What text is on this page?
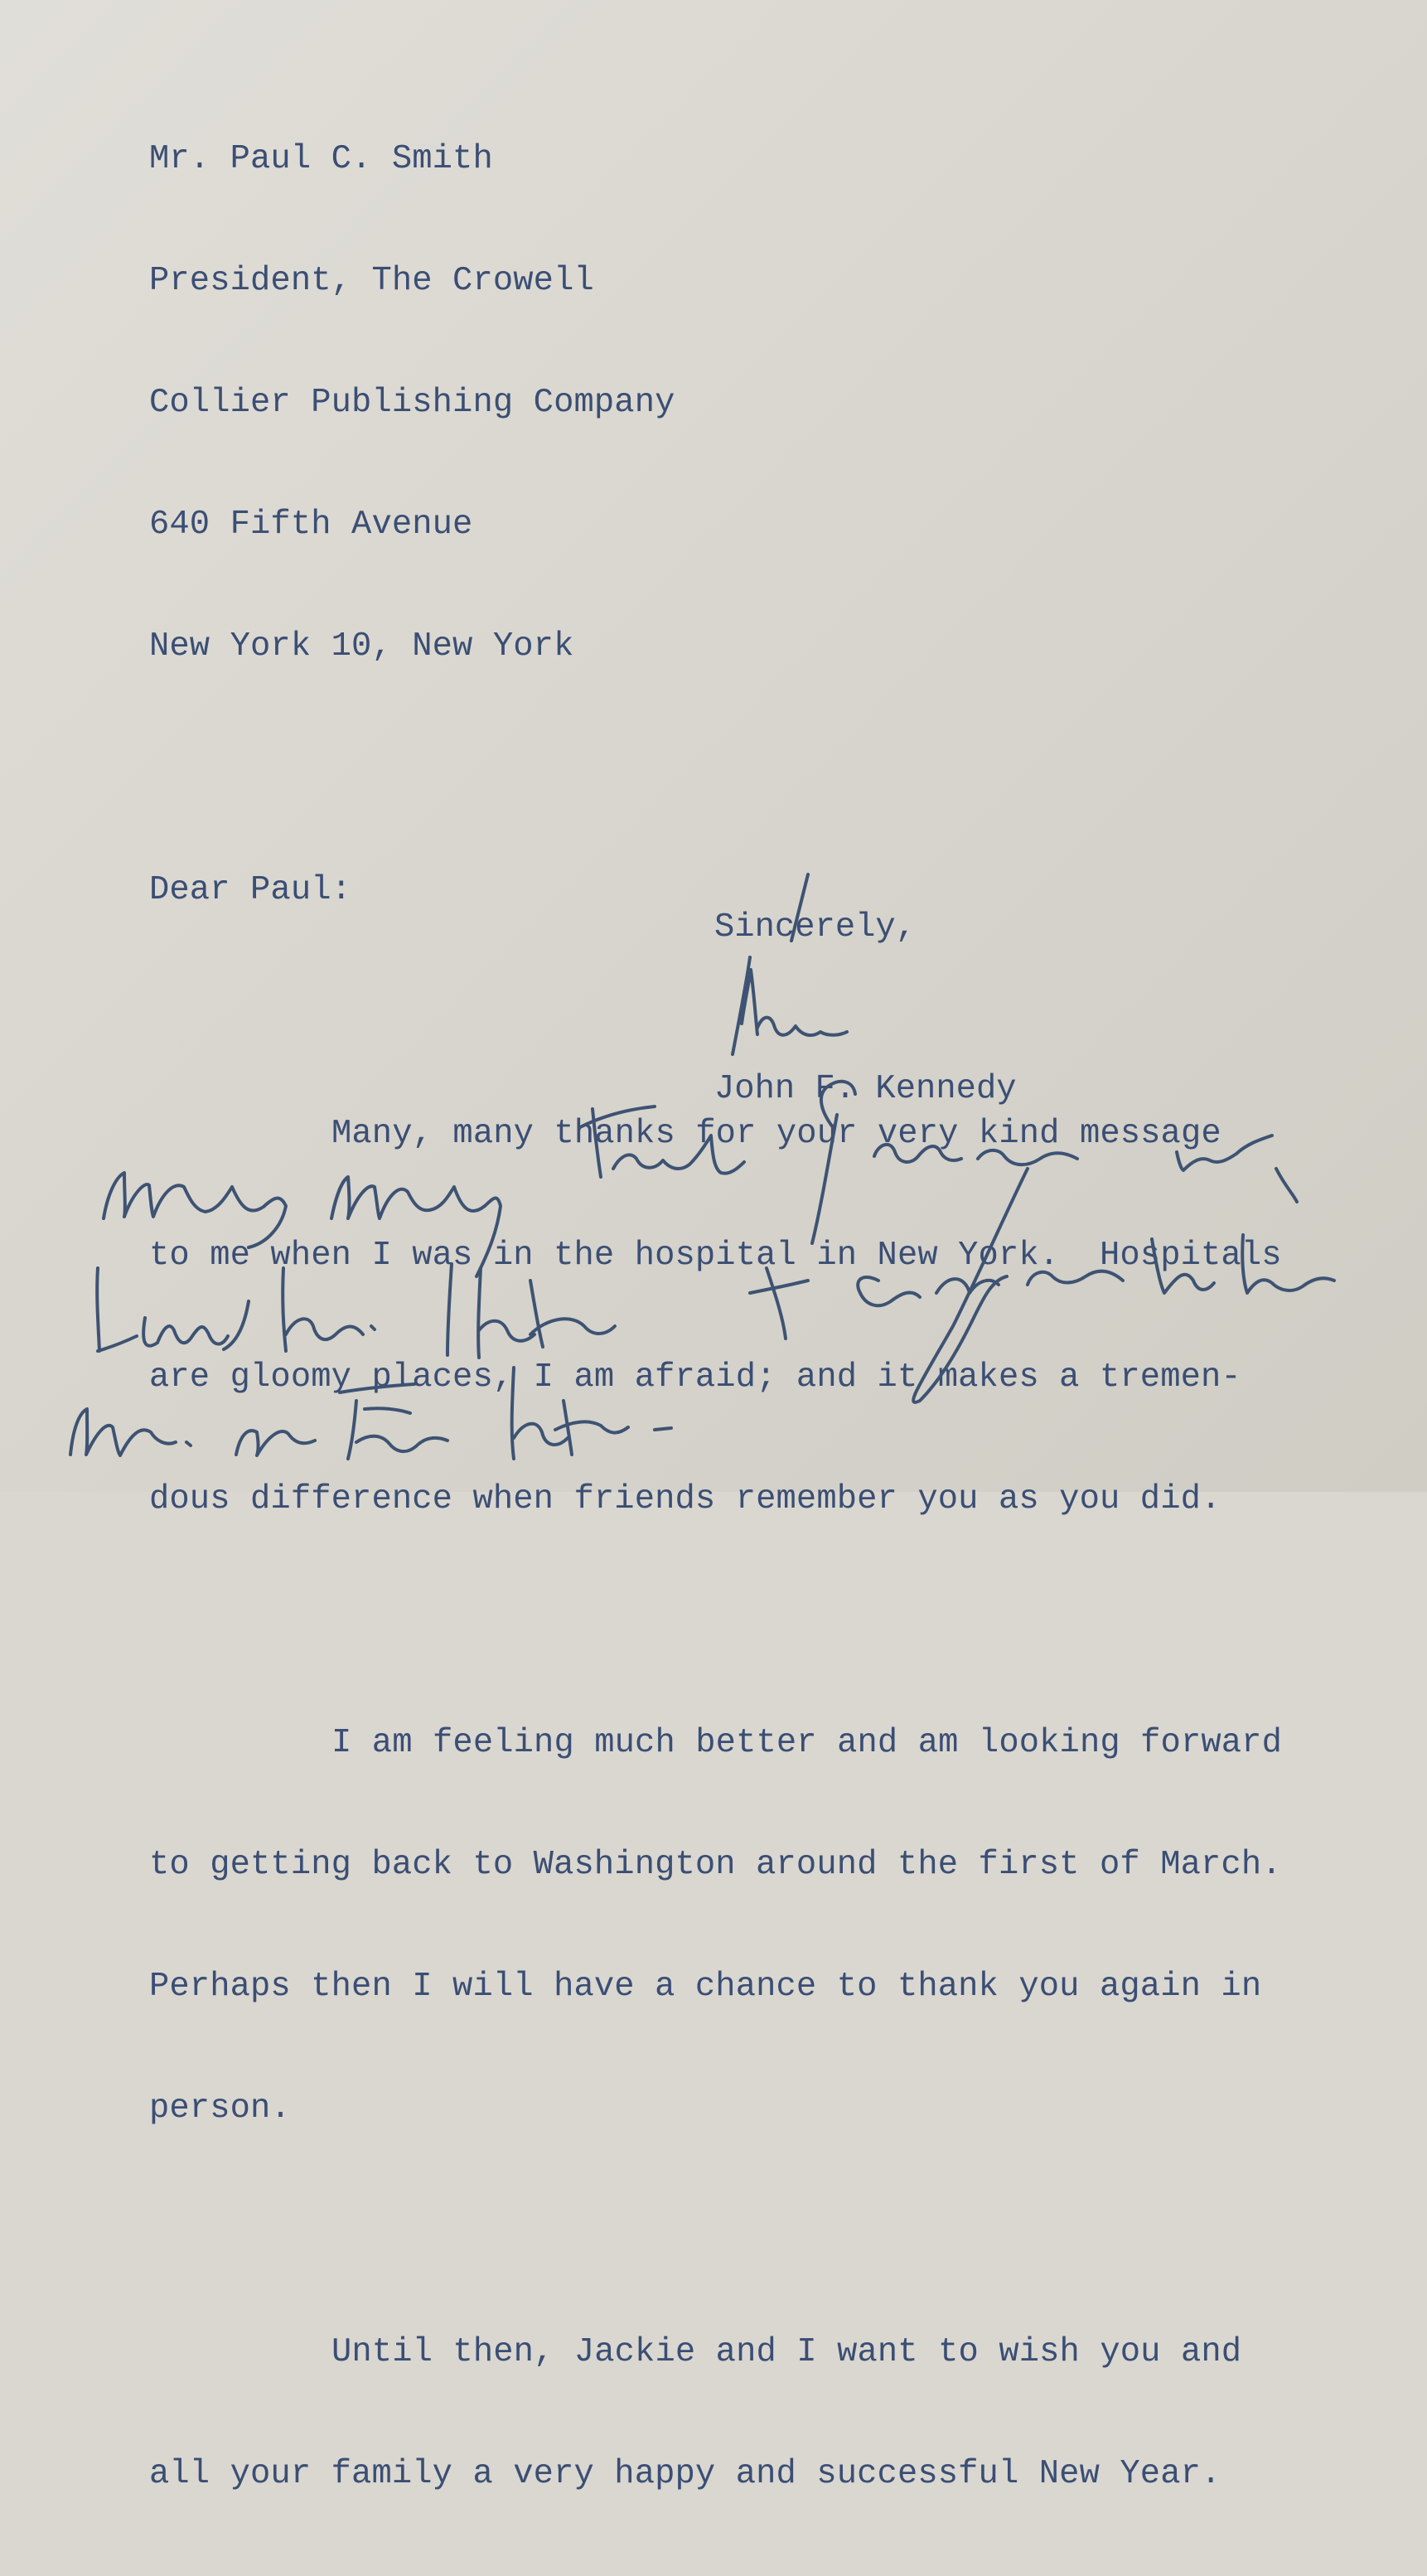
Mr. Paul C. Smith

President, The Crowell

Collier Publishing Company

640 Fifth Avenue

New York 10, New York

Dear Paul:

Many, many thanks for your very kind message

to me when I was in the hospital in New York.  Hospitals

are gloomy places, I am afraid; and it makes a tremen-

dous difference when friends remember you as you did.

I am feeling much better and am looking forward

to getting back to Washington around the first of March.

Perhaps then I will have a chance to thank you again in

person.

Until then, Jackie and I want to wish you and

all your family a very happy and successful New Year.

Sincerely,
John F. Kennedy
